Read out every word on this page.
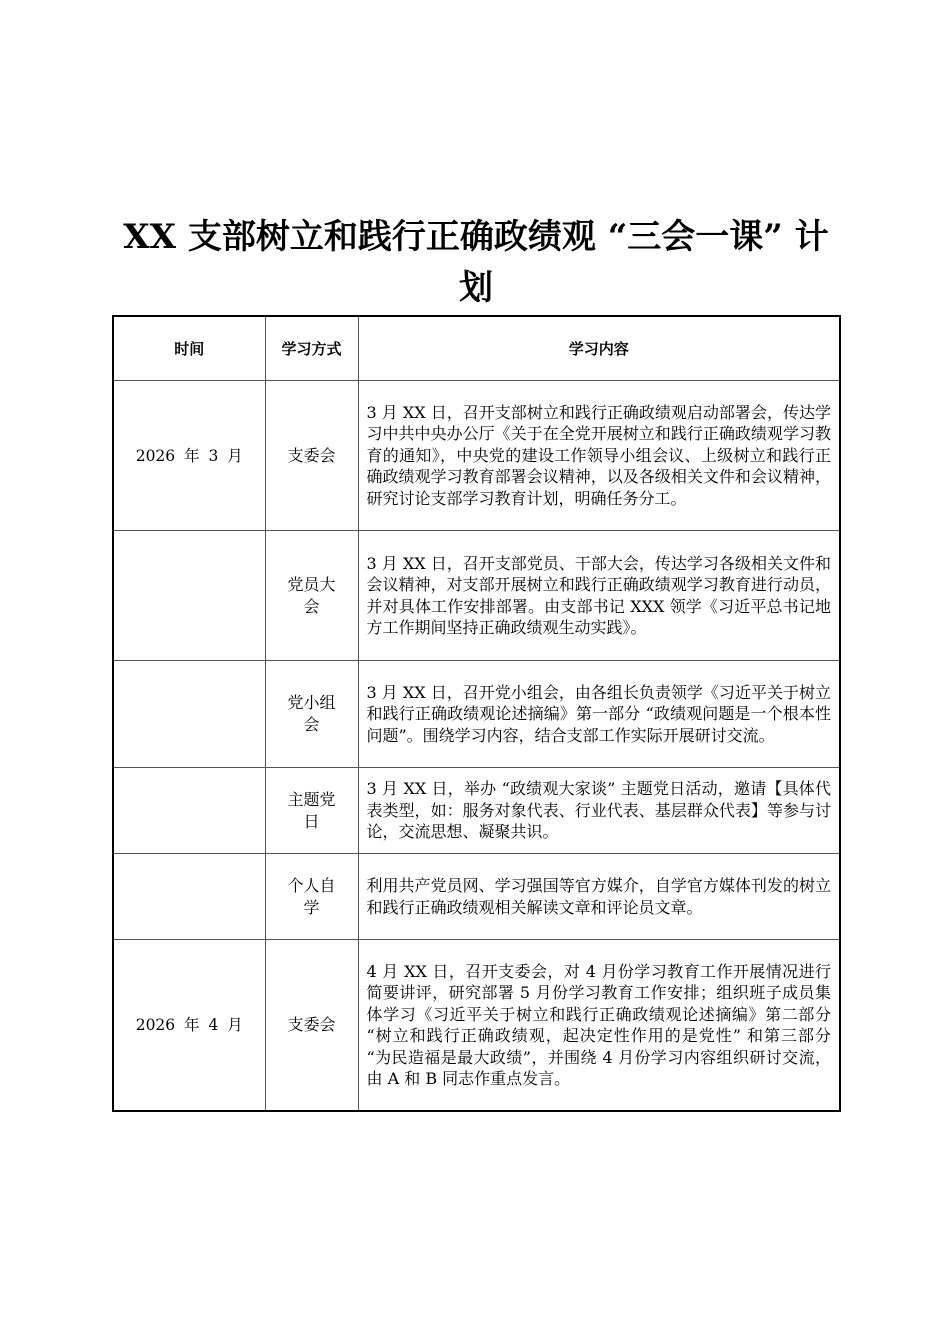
XX 支部树立和践行正确政绩观 “三会一课” 计划
时间	学习方式	学习内容
2026 年 3 月	支委会	3 月 XX 日，召开支部树立和践行正确政绩观启动部署会，传达学习中共中央办公厅《关于在全党开展树立和践行正确政绩观学习教育的通知》，中央党的建设工作领导小组会议、上级树立和践行正确政绩观学习教育部署会议精神，以及各级相关文件和会议精神，研究讨论支部学习教育计划，明确任务分工。

	党员大会	3 月 XX 日，召开支部党员、干部大会，传达学习各级相关文件和会议精神，对支部开展树立和践行正确政绩观学习教育进行动员，并对具体工作安排部署。由支部书记 XXX 领学《习近平总书记地方工作期间坚持正确政绩观生动实践》。

	党小组会	3 月 XX 日，召开党小组会，由各组长负责领学《习近平关于树立和践行正确政绩观论述摘编》第一部分 “政绩观问题是一个根本性问题”。围绕学习内容，结合支部工作实际开展研讨交流。

	主题党日	3 月 XX 日，举办 “政绩观大家谈” 主题党日活动，邀请【具体代表类型，如：服务对象代表、行业代表、基层群众代表】等参与讨论，交流思想、凝聚共识。

	个人自学	利用共产党员网、学习强国等官方媒介，自学官方媒体刊发的树立和践行正确政绩观相关解读文章和评论员文章。
2026 年 4 月	支委会	4 月 XX 日，召开支委会，对 4 月份学习教育工作开展情况进行简要讲评，研究部署 5 月份学习教育工作安排；组织班子成员集体学习《习近平关于树立和践行正确政绩观论述摘编》第二部分 “树立和践行正确政绩观，起决定性作用的是党性” 和第三部分 “为民造福是最大政绩”，并围绕 4 月份学习内容组织研讨交流，由 A 和 B 同志作重点发言。
